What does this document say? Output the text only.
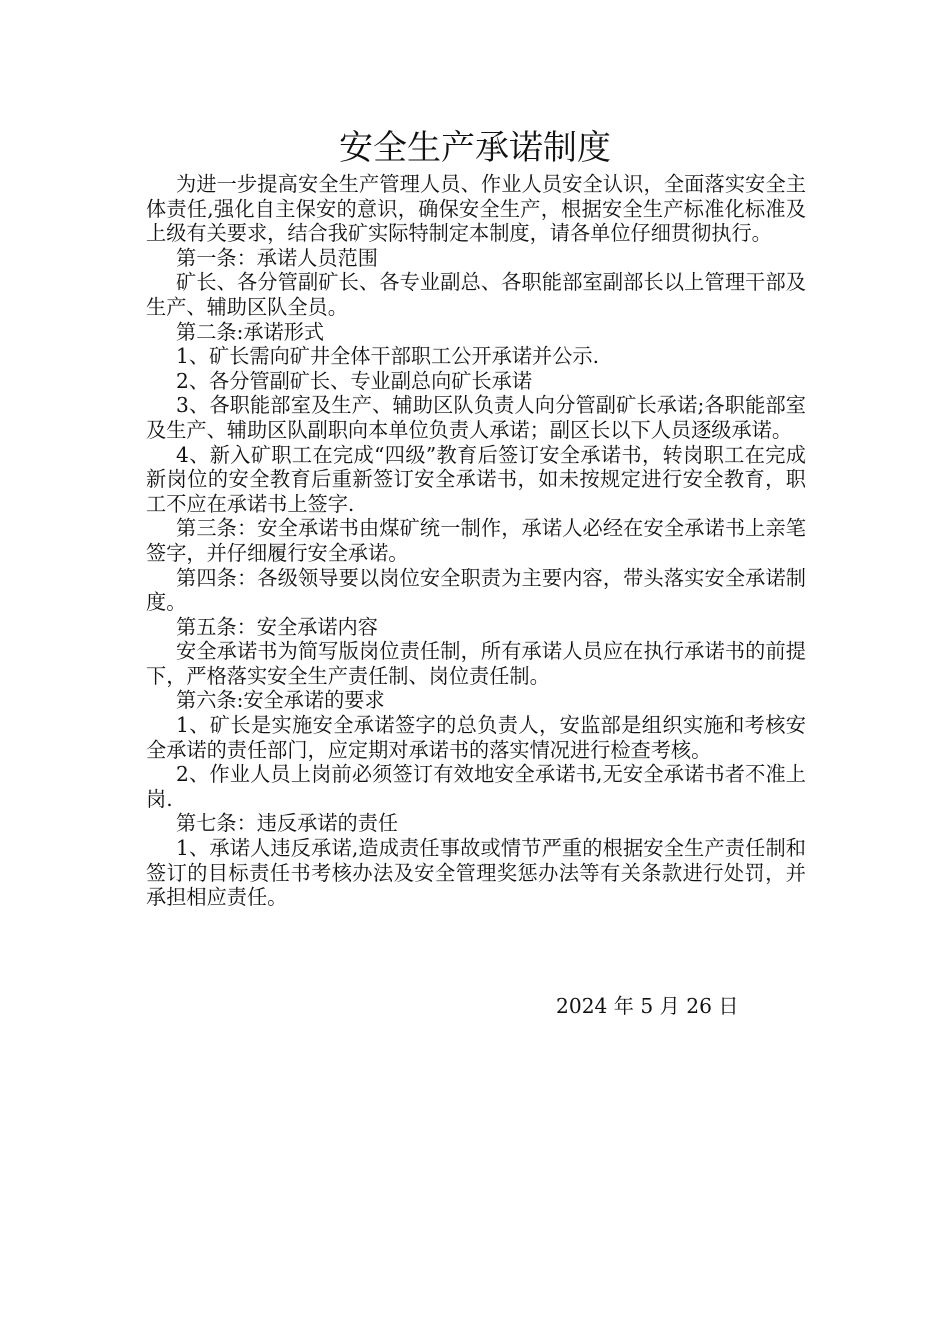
安全生产承诺制度

为进一步提高安全生产管理人员、作业人员安全认识，全面落实安全主体责任,强化自主保安的意识，确保安全生产，根据安全生产标准化标准及上级有关要求，结合我矿实际特制定本制度，请各单位仔细贯彻执行。

第一条：承诺人员范围

矿长、各分管副矿长、各专业副总、各职能部室副部长以上管理干部及生产、辅助区队全员。

第二条:承诺形式

1、矿长需向矿井全体干部职工公开承诺并公示.

2、各分管副矿长、专业副总向矿长承诺

3、各职能部室及生产、辅助区队负责人向分管副矿长承诺;各职能部室及生产、辅助区队副职向本单位负责人承诺；副区长以下人员逐级承诺。

4、新入矿职工在完成“四级”教育后签订安全承诺书，转岗职工在完成新岗位的安全教育后重新签订安全承诺书，如未按规定进行安全教育，职工不应在承诺书上签字.

第三条：安全承诺书由煤矿统一制作，承诺人必经在安全承诺书上亲笔签字，并仔细履行安全承诺。

第四条：各级领导要以岗位安全职责为主要内容，带头落实安全承诺制度。

第五条：安全承诺内容

安全承诺书为简写版岗位责任制，所有承诺人员应在执行承诺书的前提下，严格落实安全生产责任制、岗位责任制。

第六条:安全承诺的要求

1、矿长是实施安全承诺签字的总负责人，安监部是组织实施和考核安全承诺的责任部门，应定期对承诺书的落实情况进行检查考核。

2、作业人员上岗前必须签订有效地安全承诺书,无安全承诺书者不准上岗.

第七条：违反承诺的责任

1、承诺人违反承诺,造成责任事故或情节严重的根据安全生产责任制和签订的目标责任书考核办法及安全管理奖惩办法等有关条款进行处罚，并承担相应责任。

2024 年 5 月 26 日
